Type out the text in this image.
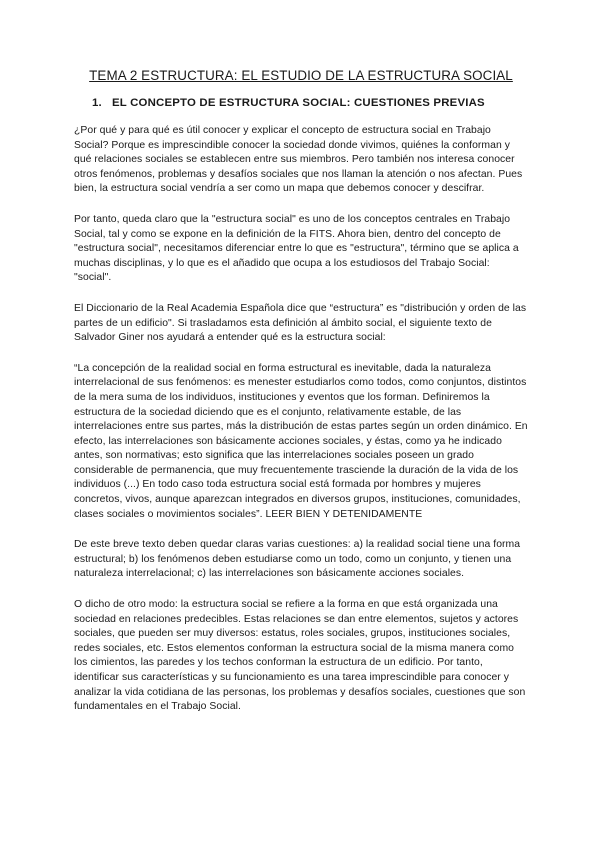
TEMA 2 ESTRUCTURA: EL ESTUDIO DE LA ESTRUCTURA SOCIAL
1. EL CONCEPTO DE ESTRUCTURA SOCIAL: CUESTIONES PREVIAS

¿Por qué y para qué es útil conocer y explicar el concepto de estructura social en Trabajo Social? Porque es imprescindible conocer la sociedad donde vivimos, quiénes la conforman y qué relaciones sociales se establecen entre sus miembros. Pero también nos interesa conocer otros fenómenos, problemas y desafíos sociales que nos llaman la atención o nos afectan. Pues bien, la estructura social vendría a ser como un mapa que debemos conocer y descifrar.

Por tanto, queda claro que la "estructura social" es uno de los conceptos centrales en Trabajo Social, tal y como se expone en la definición de la FITS. Ahora bien, dentro del concepto de "estructura social", necesitamos diferenciar entre lo que es "estructura", término que se aplica a muchas disciplinas, y lo que es el añadido que ocupa a los estudiosos del Trabajo Social: "social".

El Diccionario de la Real Academia Española dice que “estructura” es "distribución y orden de las partes de un edificio". Si trasladamos esta definición al ámbito social, el siguiente texto de Salvador Giner nos ayudará a entender qué es la estructura social:

“La concepción de la realidad social en forma estructural es inevitable, dada la naturaleza interrelacional de sus fenómenos: es menester estudiarlos como todos, como conjuntos, distintos de la mera suma de los individuos, instituciones y eventos que los forman. Definiremos la estructura de la sociedad diciendo que es el conjunto, relativamente estable, de las interrelaciones entre sus partes, más la distribución de estas partes según un orden dinámico. En efecto, las interrelaciones son básicamente acciones sociales, y éstas, como ya he indicado antes, son normativas; esto significa que las interrelaciones sociales poseen un grado considerable de permanencia, que muy frecuentemente trasciende la duración de la vida de los individuos (...) En todo caso toda estructura social está formada por hombres y mujeres concretos, vivos, aunque aparezcan integrados en diversos grupos, instituciones, comunidades, clases sociales o movimientos sociales”. LEER BIEN Y DETENIDAMENTE

De este breve texto deben quedar claras varias cuestiones: a) la realidad social tiene una forma estructural; b) los fenómenos deben estudiarse como un todo, como un conjunto, y tienen una naturaleza interrelacional; c) las interrelaciones son básicamente acciones sociales.

O dicho de otro modo: la estructura social se refiere a la forma en que está organizada una sociedad en relaciones predecibles. Estas relaciones se dan entre elementos, sujetos y actores sociales, que pueden ser muy diversos: estatus, roles sociales, grupos, instituciones sociales, redes sociales, etc. Estos elementos conforman la estructura social de la misma manera como los cimientos, las paredes y los techos conforman la estructura de un edificio. Por tanto, identificar sus características y su funcionamiento es una tarea imprescindible para conocer y analizar la vida cotidiana de las personas, los problemas y desafíos sociales, cuestiones que son fundamentales en el Trabajo Social.
